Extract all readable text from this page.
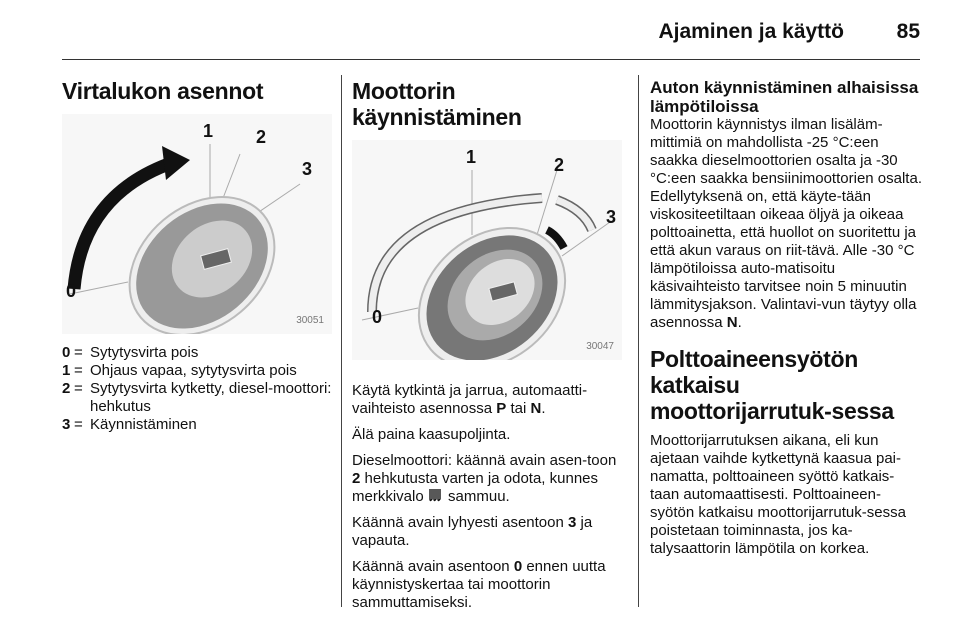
Ajaminen ja käyttö	85
Virtalukon asennot
0
1 2
3
30051
0 = Sytytysvirta pois
1 = Ohjaus vapaa, sytytysvirta pois
2 = Sytytysvirta kytketty, diesel-moottori: hehkutus
3 = Käynnistäminen
Moottorin käynnistäminen
0
1	2
3
30047

Käytä kytkintä ja jarrua, automaatti-vaihteisto asennossa P tai N.

Älä paina kaasupoljinta.

Dieselmoottori: käännä avain asen-toon 2 hehkutusta varten ja odota, kunnes merkkivalo  sammuu.

Käännä avain lyhyesti asentoon 3 ja vapauta.

Käännä avain asentoon 0 ennen uutta käynnistyskertaa tai moottorin sammuttamiseksi.

Auton käynnistäminen alhaisissa lämpötiloissa

Moottorin käynnistys ilman lisäläm-mittimiä on mahdollista -25 °C:een saakka dieselmoottorien osalta ja -30 °C:een saakka bensiinimoottorien osalta. Edellytyksenä on, että käyte-tään viskositeetiltaan oikeaa öljyä ja oikeaa polttoainetta, että huollot on suoritettu ja että akun varaus on riit-tävä. Alle -30 °C lämpötiloissa auto-matisoitu käsivaihteisto tarvitsee noin 5 minuutin lämmitysjakson. Valintavi-vun täytyy olla asennossa N.

Polttoaineensyötön katkaisu moottorijarrutuk-sessa

Moottorijarrutuksen aikana, eli kun ajetaan vaihde kytkettynä kaasua pai-namatta, polttoaineen syöttö katkais-taan automaattisesti. Polttoaineen-syötön katkaisu moottorijarrutuk-sessa poistetaan toiminnasta, jos ka-talysaattorin lämpötila on korkea.
